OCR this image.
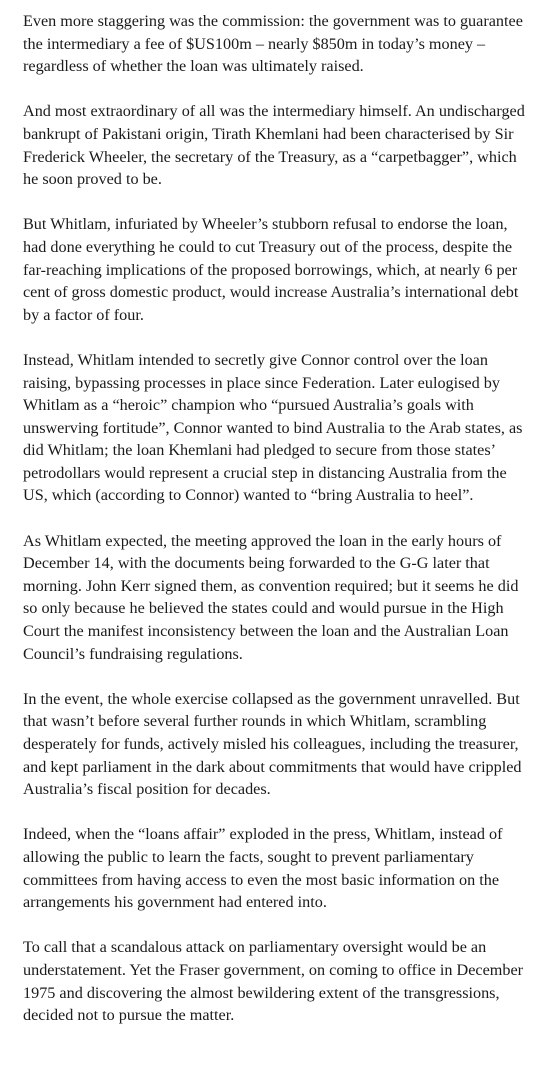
Even more staggering was the commission: the government was to guarantee the intermediary a fee of $US100m – nearly $850m in today’s money – regardless of whether the loan was ultimately raised.

And most extraordinary of all was the intermediary himself. An undischarged bankrupt of Pakistani origin, Tirath Khemlani had been characterised by Sir Frederick Wheeler, the secretary of the Treasury, as a “carpetbagger”, which he soon proved to be.

But Whitlam, infuriated by Wheeler’s stubborn refusal to endorse the loan, had done everything he could to cut Treasury out of the process, despite the far-reaching implications of the proposed borrowings, which, at nearly 6 per cent of gross domestic product, would increase Australia’s international debt by a factor of four.

Instead, Whitlam intended to secretly give Connor control over the loan raising, bypassing processes in place since Federation. Later eulogised by Whitlam as a “heroic” champion who “pursued Australia’s goals with unswerving fortitude”, Connor wanted to bind Australia to the Arab states, as did Whitlam; the loan Khemlani had pledged to secure from those states’ petrodollars would represent a crucial step in distancing Australia from the US, which (according to Connor) wanted to “bring Australia to heel”.

As Whitlam expected, the meeting approved the loan in the early hours of December 14, with the documents being forwarded to the G-G later that morning. John Kerr signed them, as convention required; but it seems he did so only because he believed the states could and would pursue in the High Court the manifest inconsistency between the loan and the Australian Loan Council’s fundraising regulations.

In the event, the whole exercise collapsed as the government unravelled. But that wasn’t before several further rounds in which Whitlam, scrambling desperately for funds, actively misled his colleagues, including the treasurer, and kept parliament in the dark about commitments that would have crippled Australia’s fiscal position for decades.

Indeed, when the “loans affair” exploded in the press, Whitlam, instead of allowing the public to learn the facts, sought to prevent parliamentary committees from having access to even the most basic information on the arrangements his government had entered into.

To call that a scandalous attack on parliamentary oversight would be an understatement. Yet the Fraser government, on coming to office in December 1975 and discovering the almost bewildering extent of the transgressions, decided not to pursue the matter.
